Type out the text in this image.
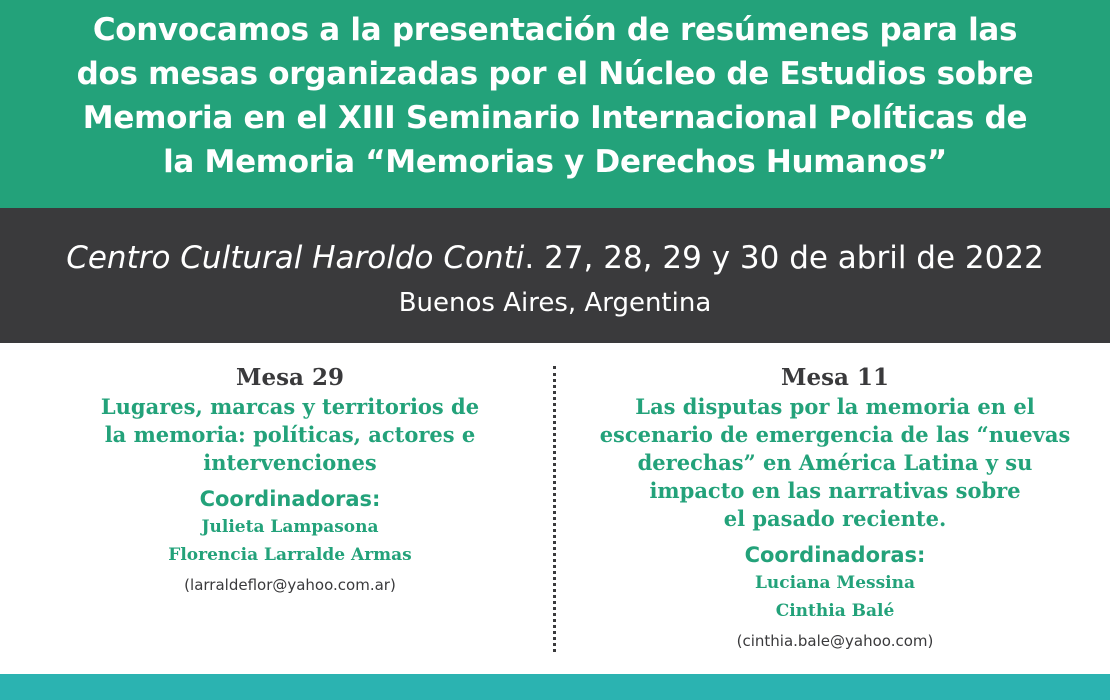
Convocamos a la presentación de resúmenes para las
dos mesas organizadas por el Núcleo de Estudios sobre
Memoria en el XIII Seminario Internacional Políticas de
la Memoria “Memorias y Derechos Humanos”
Centro Cultural Haroldo Conti. 27, 28, 29 y 30 de abril de 2022
Buenos Aires, Argentina
Mesa 29
Lugares, marcas y territorios de
la memoria: políticas, actores e
intervenciones
Coordinadoras:
Julieta Lampasona
Florencia Larralde Armas
(larraldeflor@yahoo.com.ar)
Mesa 11
Las disputas por la memoria en el
escenario de emergencia de las “nuevas
derechas” en América Latina y su
impacto en las narrativas sobre
el pasado reciente.
Coordinadoras:
Luciana Messina
Cinthia Balé
(cinthia.bale@yahoo.com)
